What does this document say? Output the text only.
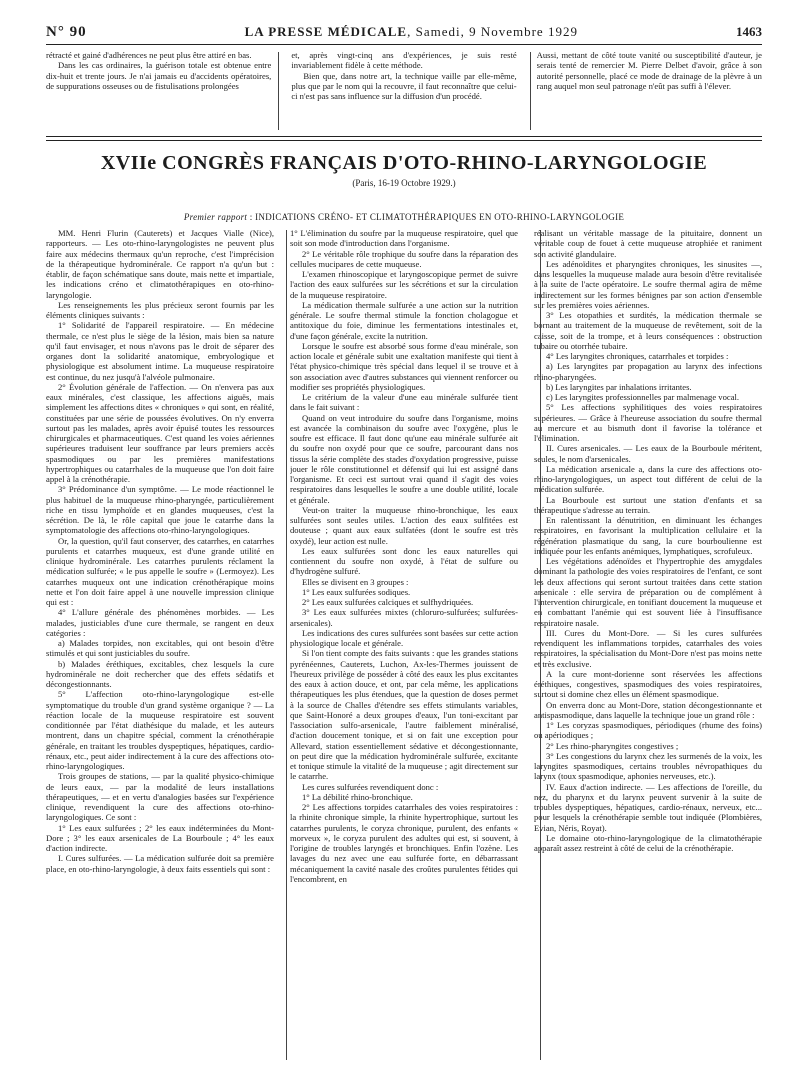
N° 90	LA PRESSE MÉDICALE, Samedi, 9 Novembre 1929	1463

rétracté et gainé d'adhérences ne peut plus être attiré en bas.

Dans les cas ordinaires, la guérison totale est obtenue entre dix-huit et trente jours. Je n'ai jamais eu d'accidents opératoires, de suppurations osseuses ou de fistulisations prolongées

et, après vingt-cinq ans d'expériences, je suis resté invariablement fidèle à cette méthode.

Bien que, dans notre art, la technique vaille par elle-même, plus que par le nom qui la recouvre, il faut reconnaître que celui-ci n'est pas sans influence sur la diffusion d'un procédé.

Aussi, mettant de côté toute vanité ou susceptibilité d'auteur, je serais tenté de remercier M. Pierre Delbet d'avoir, grâce à son autorité personnelle, placé ce mode de drainage de la plèvre à un rang auquel mon seul patronage n'eût pas suffi à l'élever.

XVIIe CONGRÈS FRANÇAIS D'OTO-RHINO-LARYNGOLOGIE
(Paris, 16-19 Octobre 1929.)
Premier rapport : INDICATIONS CRÉNO- ET CLIMATOTHÉRAPIQUES EN OTO-RHINO-LARYNGOLOGIE

MM. Henri Flurin (Cauterets) et Jacques Vialle (Nice), rapporteurs. — Les oto-rhino-laryngologistes ne peuvent plus faire aux médecins thermaux qu'un reproche, c'est l'imprécision de la thérapeutique hydrominérale. Ce rapport n'a qu'un but : établir, de façon schématique sans doute, mais nette et impartiale, les indications créno et climatothérapiques en oto-rhino-laryngologie.

Les renseignements les plus précieux seront fournis par les éléments cliniques suivants :

1° Solidarité de l'appareil respiratoire. — En médecine thermale, ce n'est plus le siège de la lésion, mais bien sa nature qu'il faut envisager, et nous n'avons pas le droit de séparer des organes dont la solidarité anatomique, embryologique et physiologique est absolument intime. La muqueuse respiratoire est continue, du nez jusqu'à l'alvéole pulmonaire.

2° Évolution générale de l'affection. — On n'envera pas aux eaux minérales, c'est classique, les affections aiguës, mais simplement les affections dites « chroniques » qui sont, en réalité, constituées par une série de poussées évolutives. On n'y enverra surtout pas les malades, après avoir épuisé toutes les ressources chirurgicales et pharmaceutiques. C'est quand les voies aériennes supérieures traduisent leur souffrance par leurs premiers accès spasmodiques ou par les premières manifestations hypertrophiques ou catarrhales de la muqueuse que l'on doit faire appel à la crénothérapie.

3° Prédominance d'un symptôme. — Le mode réactionnel le plus habituel de la muqueuse rhino-pharyngée, particulièrement riche en tissu lymphoïde et en glandes muqueuses, c'est la sécrétion. De là, le rôle capital que joue le catarrhe dans la symptomatologie des affections oto-rhino-laryngologiques.

Or, la question, qu'il faut conserver, des catarrhes, en catarrhes purulents et catarrhes muqueux, est d'une grande utilité en clinique hydrominérale. Les catarrhes purulents réclament la médication sulfurée; « le pus appelle le soufre » (Lermoyez). Les catarrhes muqueux ont une indication crénothérapique moins nette et l'on doit faire appel à une nouvelle impression clinique qui est :

4° L'allure générale des phénomènes morbides. — Les malades, justiciables d'une cure thermale, se rangent en deux catégories :

a) Malades torpides, non excitables, qui ont besoin d'être stimulés et qui sont justiciables du soufre.

b) Malades éréthiques, excitables, chez lesquels la cure hydrominérale ne doit rechercher que des effets sédatifs et décongestionnants.

5° L'affection oto-rhino-laryngologique est-elle symptomatique du trouble d'un grand système organique ? — La réaction locale de la muqueuse respiratoire est souvent conditionnée par l'état diathésique du malade, et les auteurs montrent, dans un chapitre spécial, comment la crénothérapie générale, en traitant les troubles dyspeptiques, hépatiques, cardio-rénaux, etc., peut aider indirectement à la cure des affections oto-rhino-laryngologiques.

Trois groupes de stations, — par la qualité physico-chimique de leurs eaux, — par la modalité de leurs installations thérapeutiques, — et en vertu d'analogies basées sur l'expérience clinique, revendiquent la cure des affections oto-rhino-laryngologiques. Ce sont :

1° Les eaux sulfurées ; 2° les eaux indéterminées du Mont-Dore ; 3° les eaux arsenicales de La Bourboule ; 4° les eaux d'action indirecte.

I. Cures sulfurées. — La médication sulfurée doit sa première place, en oto-rhino-laryngologie, à deux faits essentiels qui sont :

1° L'élimination du soufre par la muqueuse respiratoire, quel que soit son mode d'introduction dans l'organisme.

2° Le véritable rôle trophique du soufre dans la réparation des cellules mucipares de cette muqueuse.

L'examen rhinoscopique et laryngoscopique permet de suivre l'action des eaux sulfurées sur les sécrétions et sur la circulation de la muqueuse respiratoire.

La médication thermale sulfurée a une action sur la nutrition générale. Le soufre thermal stimule la fonction cholagogue et antitoxique du foie, diminue les fermentations intestinales et, d'une façon générale, excite la nutrition.

Lorsque le soufre est absorbé sous forme d'eau minérale, son action locale et générale subit une exaltation manifeste qui tient à l'état physico-chimique très spécial dans lequel il se trouve et à son association avec d'autres substances qui viennent renforcer ou modifier ses propriétés physiologiques.

Le critérium de la valeur d'une eau minérale sulfurée tient dans le fait suivant :

Quand on veut introduire du soufre dans l'organisme, moins est avancée la combinaison du soufre avec l'oxygène, plus le soufre est efficace. Il faut donc qu'une eau minérale sulfurée ait du soufre non oxydé pour que ce soufre, parcourant dans nos tissus la série complète des stades d'oxydation progressive, puisse jouer le rôle constitutionnel et défensif qui lui est assigné dans l'organisme. Et ceci est surtout vrai quand il s'agit des voies respiratoires dans lesquelles le soufre a une double utilité, locale et générale.

Veut-on traiter la muqueuse rhino-bronchique, les eaux sulfurées sont seules utiles. L'action des eaux sulfitées est douteuse ; quant aux eaux sulfatées (dont le soufre est très oxydé), leur action est nulle.

Les eaux sulfurées sont donc les eaux naturelles qui contiennent du soufre non oxydé, à l'état de sulfure ou d'hydrogène sulfuré.

Elles se divisent en 3 groupes :

1° Les eaux sulfurées sodiques.

2° Les eaux sulfurées calciques et sulfhydriquées.

3° Les eaux sulfurées mixtes (chloruro-sulfurées; sulfurées-arsenicales).

Les indications des cures sulfurées sont basées sur cette action physiologique locale et générale.

Si l'on tient compte des faits suivants : que les grandes stations pyrénéennes, Cauterets, Luchon, Ax-les-Thermes jouissent de l'heureux privilège de posséder à côté des eaux les plus excitantes des eaux à action douce, et ont, par cela même, les applications thérapeutiques les plus étendues, que la question de doses permet à la source de Challes d'étendre ses effets stimulants variables, que Saint-Honoré a deux groupes d'eaux, l'un toni-excitant par l'association sulfo-arsenicale, l'autre faiblement minéralisé, d'action doucement tonique, et si on fait une exception pour Allevard, station essentiellement sédative et décongestionnante, on peut dire que la médication hydrominérale sulfurée, excitante et tonique stimule la vitalité de la muqueuse ; agit directement sur le catarrhe.

Les cures sulfurées revendiquent donc :

1° La débilité rhino-bronchique.

2° Les affections torpides catarrhales des voies respiratoires : la rhinite chronique simple, la rhinite hypertrophique, surtout les catarrhes purulents, le coryza chronique, purulent, des enfants « morveux », le coryza purulent des adultes qui est, si souvent, à l'origine de troubles laryngés et bronchiques. Enfin l'ozène. Les lavages du nez avec une eau sulfurée forte, en débarrassant mécaniquement la cavité nasale des croûtes purulentes fétides qui l'encombrent, en

réalisant un véritable massage de la pituitaire, donnent un véritable coup de fouet à cette muqueuse atrophiée et raniment son activité glandulaire.

Les adénoïdites et pharyngites chroniques, les sinusites —, dans lesquelles la muqueuse malade aura besoin d'être revitalisée à la suite de l'acte opératoire. Le soufre thermal agira de même indirectement sur les formes bénignes par son action d'ensemble sur les premières voies aériennes.

3° Les otopathies et surdités, la médication thermale se bornant au traitement de la muqueuse de revêtement, soit de la caisse, soit de la trompe, et à leurs conséquences : obstruction tubaire ou otorrhée tubaire.

4° Les laryngites chroniques, catarrhales et torpides :

a) Les laryngites par propagation au larynx des infections rhino-pharyngées.

b) Les laryngites par inhalations irritantes.

c) Les laryngites professionnelles par malmenage vocal.

5° Les affections syphilitiques des voies respiratoires supérieures. — Grâce à l'heureuse association du soufre thermal au mercure et au bismuth dont il favorise la tolérance et l'élimination.

II. Cures arsenicales. — Les eaux de la Bourboule méritent, seules, le nom d'arsenicales.

La médication arsenicale a, dans la cure des affections oto-rhino-laryngologiques, un aspect tout différent de celui de la médication sulfurée.

La Bourboule est surtout une station d'enfants et sa thérapeutique s'adresse au terrain.

En ralentissant la dénutrition, en diminuant les échanges respiratoires, en favorisant la multiplication cellulaire et la régénération plasmatique du sang, la cure bourboulienne est indiquée pour les enfants anémiques, lymphatiques, scrofuleux.

Les végétations adénoïdes et l'hypertrophie des amygdales dominant la pathologie des voies respiratoires de l'enfant, ce sont les deux affections qui seront surtout traitées dans cette station arsenicale : elle servira de préparation ou de complément à l'intervention chirurgicale, en tonifiant doucement la muqueuse et en combattant l'anémie qui est souvent liée à l'insuffisance respiratoire nasale.

III. Cures du Mont-Dore. — Si les cures sulfurées revendiquent les inflammations torpides, catarrhales des voies respiratoires, la spécialisation du Mont-Dore n'est pas moins nette et très exclusive.

A la cure mont-dorienne sont réservées les affections éréthiques, congestives, spasmodiques des voies respiratoires, surtout si domine chez elles un élément spasmodique.

On enverra donc au Mont-Dore, station décongestionnante et antispasmodique, dans laquelle la technique joue un grand rôle :

1° Les coryzas spasmodiques, périodiques (rhume des foins) ou apériodiques ;

2° Les rhino-pharyngites congestives ;

3° Les congestions du larynx chez les surmenés de la voix, les laryngites spasmodiques, certains troubles névropathiques du larynx (toux spasmodique, aphonies nerveuses, etc.).

IV. Eaux d'action indirecte. — Les affections de l'oreille, du nez, du pharynx et du larynx peuvent survenir à la suite de troubles dyspeptiques, hépatiques, cardio-rénaux, nerveux, etc... pour lesquels la crénothérapie semble tout indiquée (Plombières, Evian, Néris, Royat).

Le domaine oto-rhino-laryngologique de la climatothérapie apparaît assez restreint à côté de celui de la crénothérapie.
